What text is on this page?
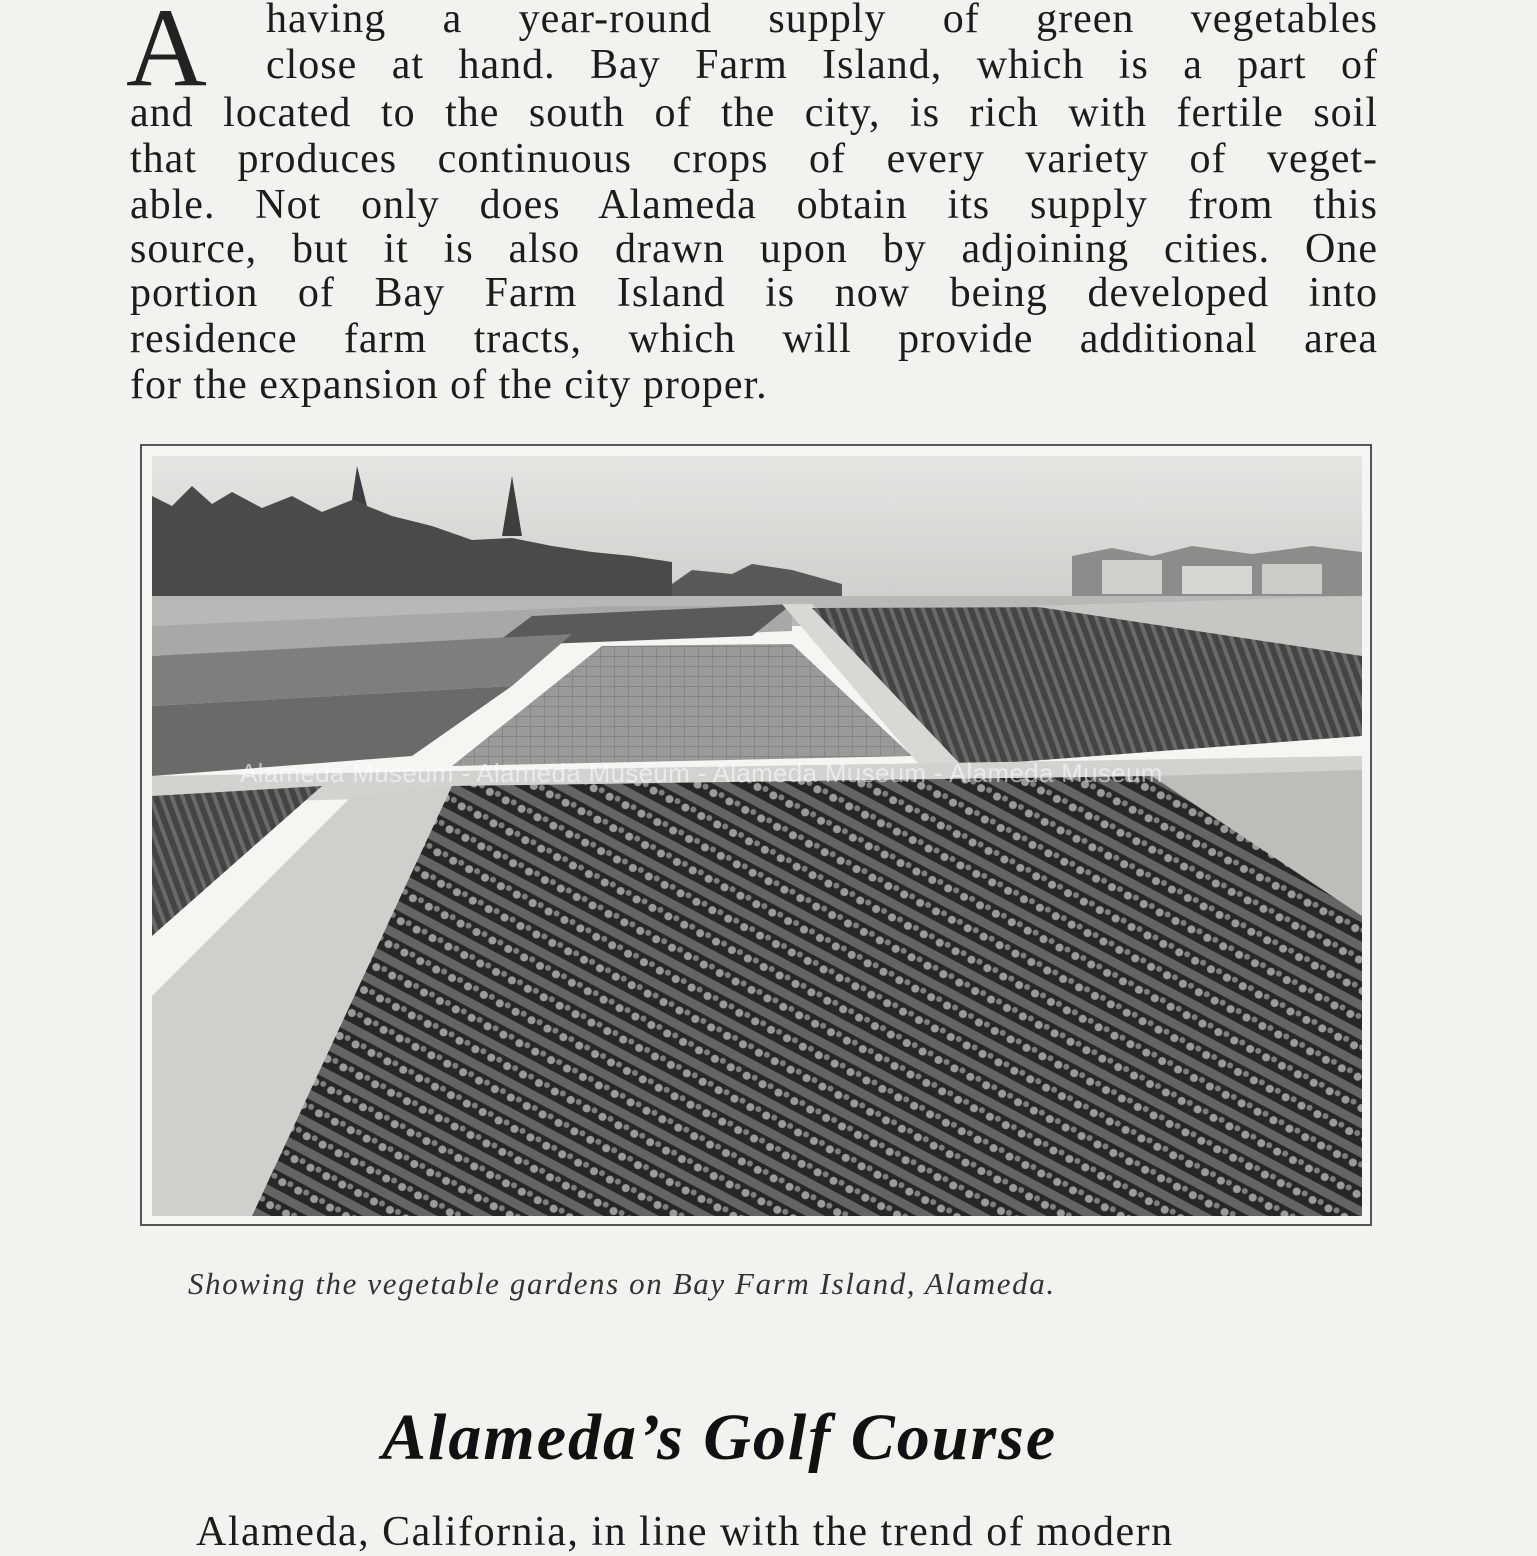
A having a year-round supply of green vegetables
close at hand. Bay Farm Island, which is a part of
and located to the south of the city, is rich with fertile soil
that produces continuous crops of every variety of veget-
able. Not only does Alameda obtain its supply from this
source, but it is also drawn upon by adjoining cities. One
portion of Bay Farm Island is now being developed into
residence farm tracts, which will provide additional area
for the expansion of the city proper.
Alameda Museum - Alameda Museum - Alameda Museum - Alameda Museum
Showing the vegetable gardens on Bay Farm Island, Alameda.
Alameda’s Golf Course
Alameda, California, in line with the trend of modern
